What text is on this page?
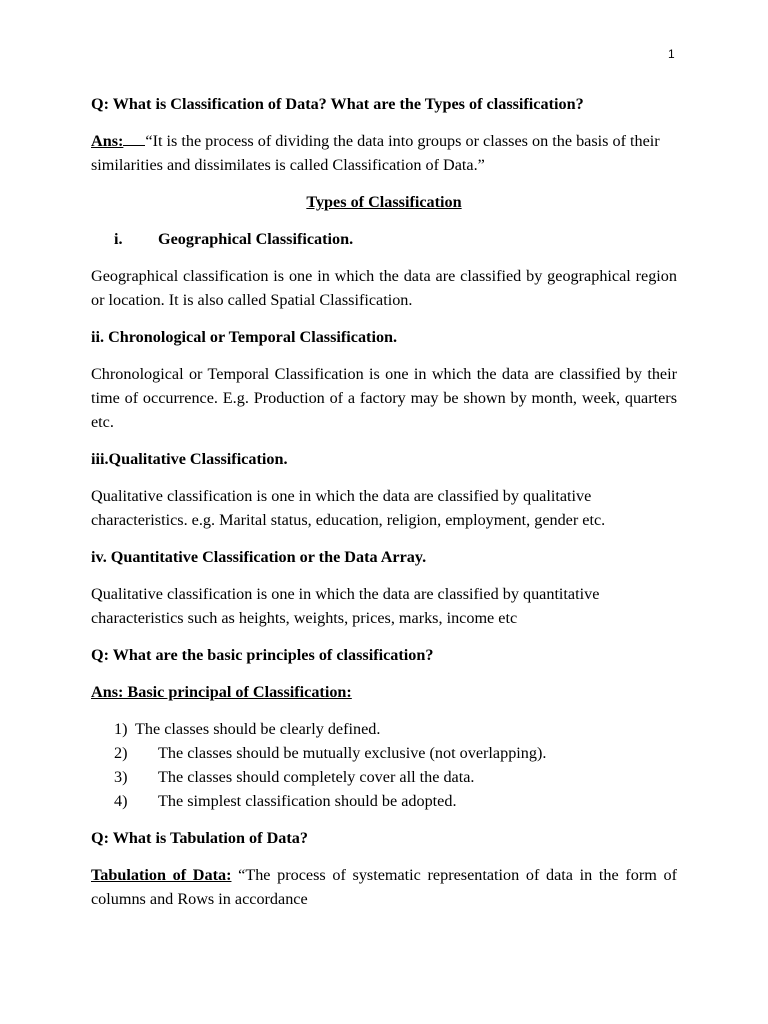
1

Q: What is Classification of Data? What are the Types of classification?

Ans: “It is the process of dividing the data into groups or classes on the basis of their similarities and dissimilates is called Classification of Data.”

Types of Classification

i.	Geographical Classification.

Geographical classification is one in which the data are classified by geographical region or location. It is also called Spatial Classification.

ii. Chronological or Temporal Classification.

Chronological or Temporal Classification is one in which the data are classified by their time of occurrence. E.g. Production of a factory may be shown by month, week, quarters etc.

iii.Qualitative Classification.

Qualitative classification is one in which the data are classified by qualitative characteristics. e.g. Marital status, education, religion, employment, gender etc.

iv. Quantitative Classification or the Data Array.

Qualitative classification is one in which the data are classified by quantitative characteristics such as heights, weights, prices, marks, income etc

Q: What are the basic principles of classification?

Ans: Basic principal of Classification:

1) The classes should be clearly defined.
2)	The classes should be mutually exclusive (not overlapping).
3)	The classes should completely cover all the data.
4)	The simplest classification should be adopted.

Q: What is Tabulation of Data?

Tabulation of Data: “The process of systematic representation of data in the form of columns and Rows in accordance
